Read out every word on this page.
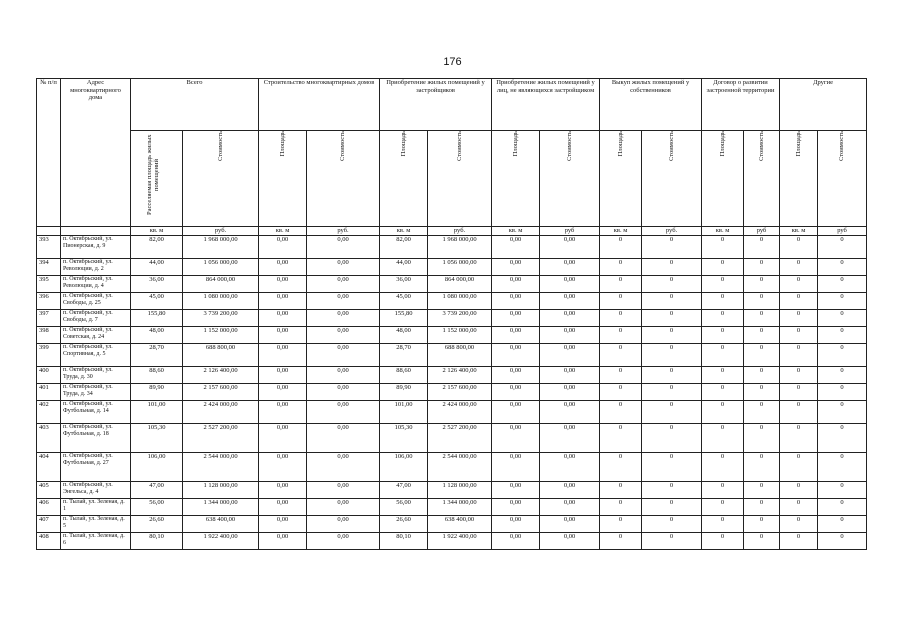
176
№ п/п	Адрес многоквартирного дома	Всего		Строительство многоквартирных домов		Приобретение жилых помещений у застройщиков		Приобретение жилых помещений у лиц, не являющихся застройщиком		Выкуп жилых помещений у собственников		Договор о развитии застроенной территории		Другие	

		Расселяемая площадь жилых помещений	Стоимость	Площадь	Стоимость	Площадь	Стоимость	Площадь	Стоимость	Площадь	Стоимость	Площадь	Стоимость	Площадь	Стоимость

		кв. м	руб.	кв. м	руб.	кв. м	руб.	кв. м	руб	кв. м	руб.	кв. м	руб	кв. м	руб
393	п. Октябрьский, ул. Пионерская, д. 9	82,00	1 968 000,00	0,00	0,00	82,00	1 968 000,00	0,00	0,00	0	0	0	0	0	0
394	п. Октябрьский, ул. Революции, д. 2	44,00	1 056 000,00	0,00	0,00	44,00	1 056 000,00	0,00	0,00	0	0	0	0	0	0
395	п. Октябрьский, ул. Революции, д. 4	36,00	864 000,00	0,00	0,00	36,00	864 000,00	0,00	0,00	0	0	0	0	0	0
396	п. Октябрьский, ул. Свободы, д. 25	45,00	1 080 000,00	0,00	0,00	45,00	1 080 000,00	0,00	0,00	0	0	0	0	0	0
397	п. Октябрьский, ул. Свободы, д. 7	155,80	3 739 200,00	0,00	0,00	155,80	3 739 200,00	0,00	0,00	0	0	0	0	0	0
398	п. Октябрьский, ул. Советская, д. 24	48,00	1 152 000,00	0,00	0,00	48,00	1 152 000,00	0,00	0,00	0	0	0	0	0	0
399	п. Октябрьский, ул. Спортивная, д. 5	28,70	688 800,00	0,00	0,00	28,70	688 800,00	0,00	0,00	0	0	0	0	0	0
400	п. Октябрьский, ул. Труда, д. 30	88,60	2 126 400,00	0,00	0,00	88,60	2 126 400,00	0,00	0,00	0	0	0	0	0	0
401	п. Октябрьский, ул. Труда, д. 34	89,90	2 157 600,00	0,00	0,00	89,90	2 157 600,00	0,00	0,00	0	0	0	0	0	0
402	п. Октябрьский, ул. Футбольная, д. 14	101,00	2 424 000,00	0,00	0,00	101,00	2 424 000,00	0,00	0,00	0	0	0	0	0	0
403	п. Октябрьский, ул. Футбольная, д. 18	105,30	2 527 200,00	0,00	0,00	105,30	2 527 200,00	0,00	0,00	0	0	0	0	0	0
404	п. Октябрьский, ул. Футбольная, д. 27	106,00	2 544 000,00	0,00	0,00	106,00	2 544 000,00	0,00	0,00	0	0	0	0	0	0
405	п. Октябрьский, ул. Энгельса, д. 4	47,00	1 128 000,00	0,00	0,00	47,00	1 128 000,00	0,00	0,00	0	0	0	0	0	0
406	п. Тылай, ул. Зеленая, д. 1	56,00	1 344 000,00	0,00	0,00	56,00	1 344 000,00	0,00	0,00	0	0	0	0	0	0
407	п. Тылай, ул. Зеленая, д. 5	26,60	638 400,00	0,00	0,00	26,60	638 400,00	0,00	0,00	0	0	0	0	0	0
408	п. Тылай, ул. Зеленая, д. 6	80,10	1 922 400,00	0,00	0,00	80,10	1 922 400,00	0,00	0,00	0	0	0	0	0	0
